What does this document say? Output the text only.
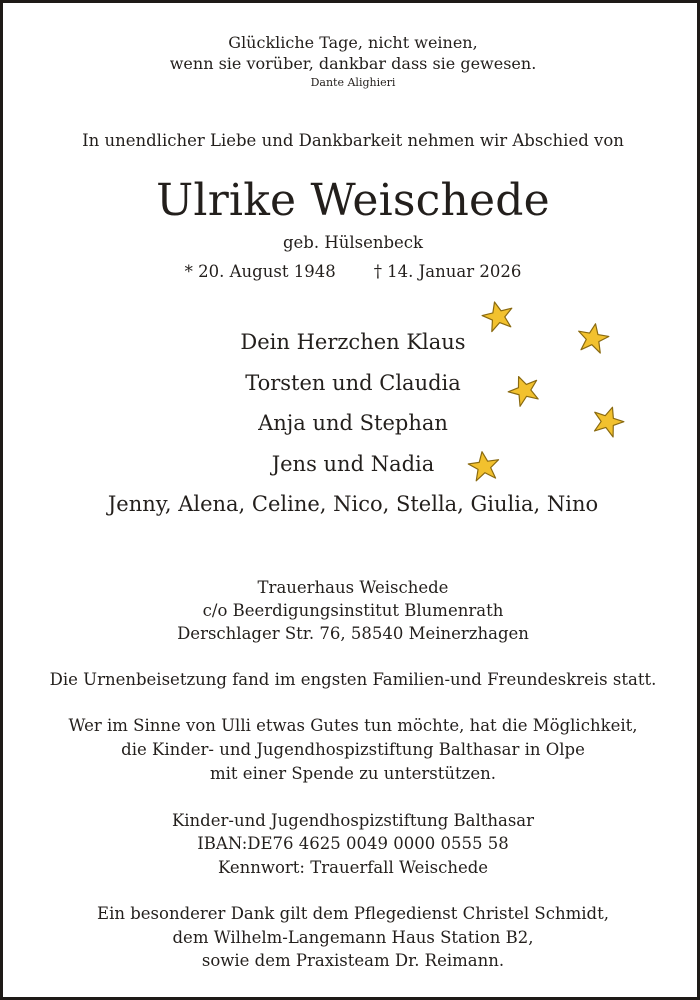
Glückliche Tage, nicht weinen,
wenn sie vorüber, dankbar dass sie gewesen.
Dante Alighieri
In unendlicher Liebe und Dankbarkeit nehmen wir Abschied von
Ulrike Weischede
geb. Hülsenbeck
* 20. August 1948 † 14. Januar 2026
Dein Herzchen Klaus
Torsten und Claudia
Anja und Stephan
Jens und Nadia
Jenny, Alena, Celine, Nico, Stella, Giulia, Nino
Trauerhaus Weischede
c/o Beerdigungsinstitut Blumenrath
Derschlager Str. 76, 58540 Meinerzhagen
Die Urnenbeisetzung fand im engsten Familien-und Freundeskreis statt.
Wer im Sinne von Ulli etwas Gutes tun möchte, hat die Möglichkeit,
die Kinder- und Jugendhospizstiftung Balthasar in Olpe
mit einer Spende zu unterstützen.
Kinder-und Jugendhospizstiftung Balthasar
IBAN:DE76 4625 0049 0000 0555 58
Kennwort: Trauerfall Weischede
Ein besonderer Dank gilt dem Pflegedienst Christel Schmidt,
dem Wilhelm-Langemann Haus Station B2,
sowie dem Praxisteam Dr. Reimann.
